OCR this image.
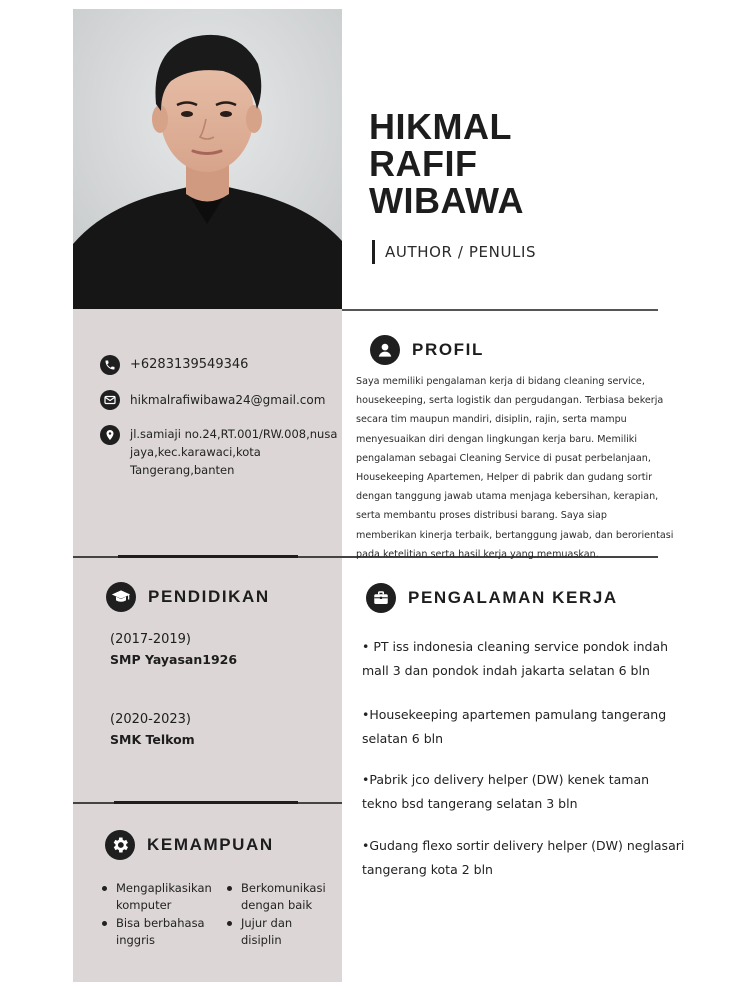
HIKMAL
RAFIF
WIBAWA
AUTHOR / PENULIS
+6283139549346
hikmalrafiwibawa24@gmail.com
jl.samiaji no.24,RT.001/RW.008,nusa
jaya,kec.karawaci,kota
Tangerang,banten
PROFIL
Saya memiliki pengalaman kerja di bidang cleaning service,
housekeeping, serta logistik dan pergudangan. Terbiasa bekerja
secara tim maupun mandiri, disiplin, rajin, serta mampu
menyesuaikan diri dengan lingkungan kerja baru. Memiliki
pengalaman sebagai Cleaning Service di pusat perbelanjaan,
Housekeeping Apartemen, Helper di pabrik dan gudang sortir
dengan tanggung jawab utama menjaga kebersihan, kerapian,
serta membantu proses distribusi barang. Saya siap
memberikan kinerja terbaik, bertanggung jawab, dan berorientasi
pada ketelitian serta hasil kerja yang memuaskan.
PENDIDIKAN
(2017-2019)
SMP Yayasan1926
(2020-2023)
SMK Telkom
PENGALAMAN KERJA
• PT iss indonesia cleaning service pondok indah
mall 3 dan pondok indah jakarta selatan 6 bln
•Housekeeping apartemen pamulang tangerang
selatan 6 bln
•Pabrik jco delivery helper (DW) kenek taman
tekno bsd tangerang selatan 3 bln
•Gudang flexo sortir delivery helper (DW) neglasari
tangerang kota 2 bln
KEMAMPUAN
Mengaplikasikan
komputer
Berkomunikasi
dengan baik
Bisa berbahasa
inggris
Jujur dan
disiplin
